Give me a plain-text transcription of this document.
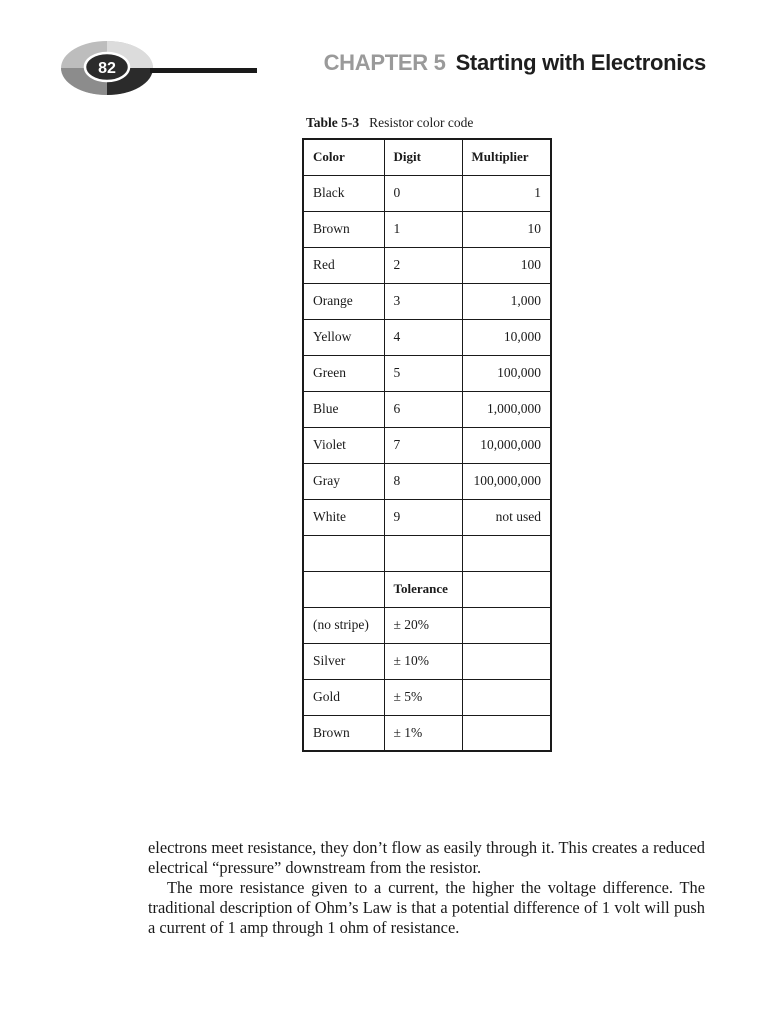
82	CHAPTER 5 Starting with Electronics
Table 5-3 Resistor color code
Color	Digit	Multiplier
Black	0	1
Brown	1	10
Red	2	100
Orange	3	1,000
Yellow	4	10,000
Green	5	100,000
Blue	6	1,000,000
Violet	7	10,000,000
Gray	8	100,000,000
White	9	not used

	Tolerance	
(no stripe)	± 20%	
Silver	± 10%	
Gold	± 5%	
Brown	± 1%	

electrons meet resistance, they don’t flow as easily through it. This creates a reduced electrical “pressure” downstream from the resistor.

The more resistance given to a current, the higher the voltage difference. The traditional description of Ohm’s Law is that a potential difference of 1 volt will push a current of 1 amp through 1 ohm of resistance.
